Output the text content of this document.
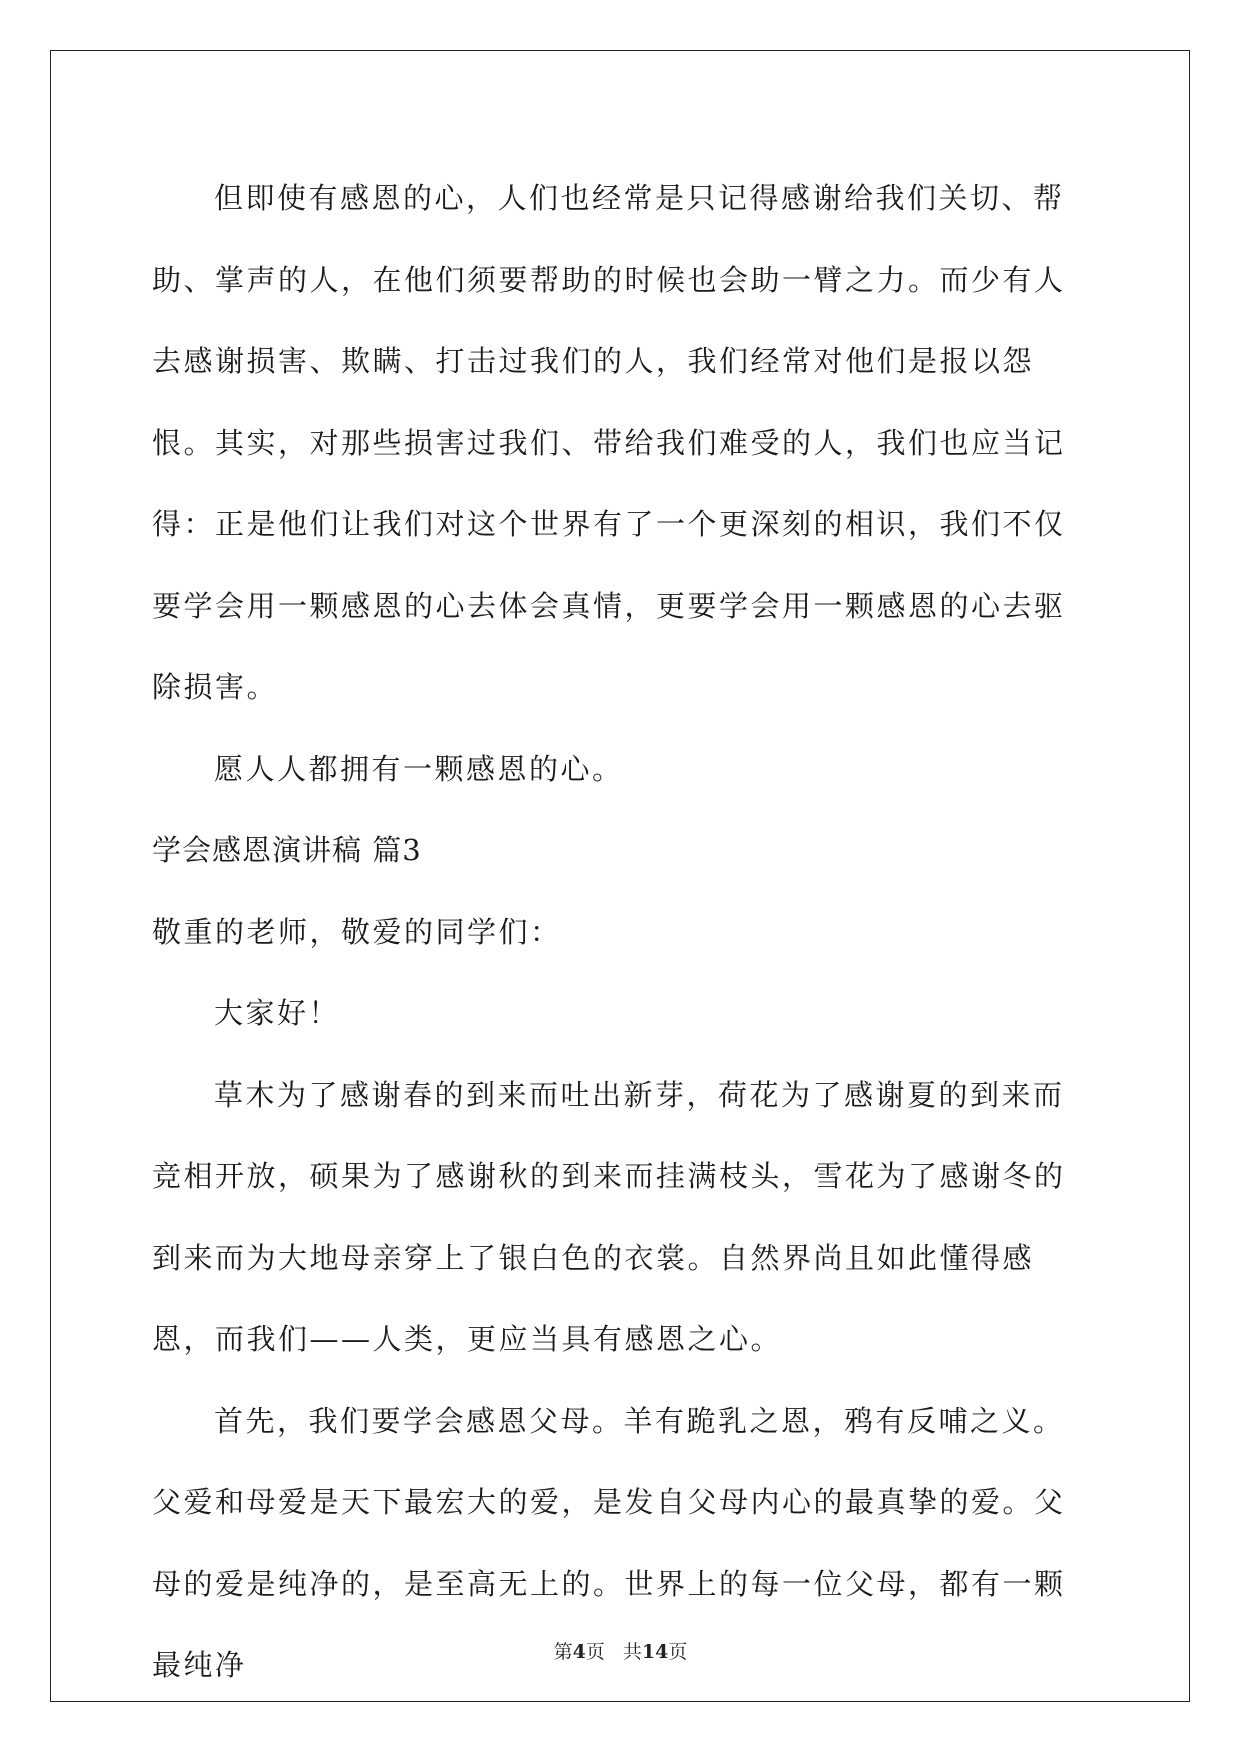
但即使有感恩的心，人们也经常是只记得感谢给我们关切、帮助、掌声的人，在他们须要帮助的时候也会助一臂之力。而少有人去感谢损害、欺瞒、打击过我们的人，我们经常对他们是报以怨恨。其实，对那些损害过我们、带给我们难受的人，我们也应当记得：正是他们让我们对这个世界有了一个更深刻的相识，我们不仅要学会用一颗感恩的心去体会真情，更要学会用一颗感恩的心去驱除损害。

愿人人都拥有一颗感恩的心。

学会感恩演讲稿 篇3

敬重的老师，敬爱的同学们：

大家好！

草木为了感谢春的到来而吐出新芽，荷花为了感谢夏的到来而竞相开放，硕果为了感谢秋的到来而挂满枝头，雪花为了感谢冬的到来而为大地母亲穿上了银白色的衣裳。自然界尚且如此懂得感恩，而我们——人类，更应当具有感恩之心。

首先，我们要学会感恩父母。羊有跪乳之恩，鸦有反哺之义。父爱和母爱是天下最宏大的爱，是发自父母内心的最真挚的爱。父母的爱是纯净的，是至高无上的。世界上的每一位父母，都有一颗最纯净	第4页 共14页
